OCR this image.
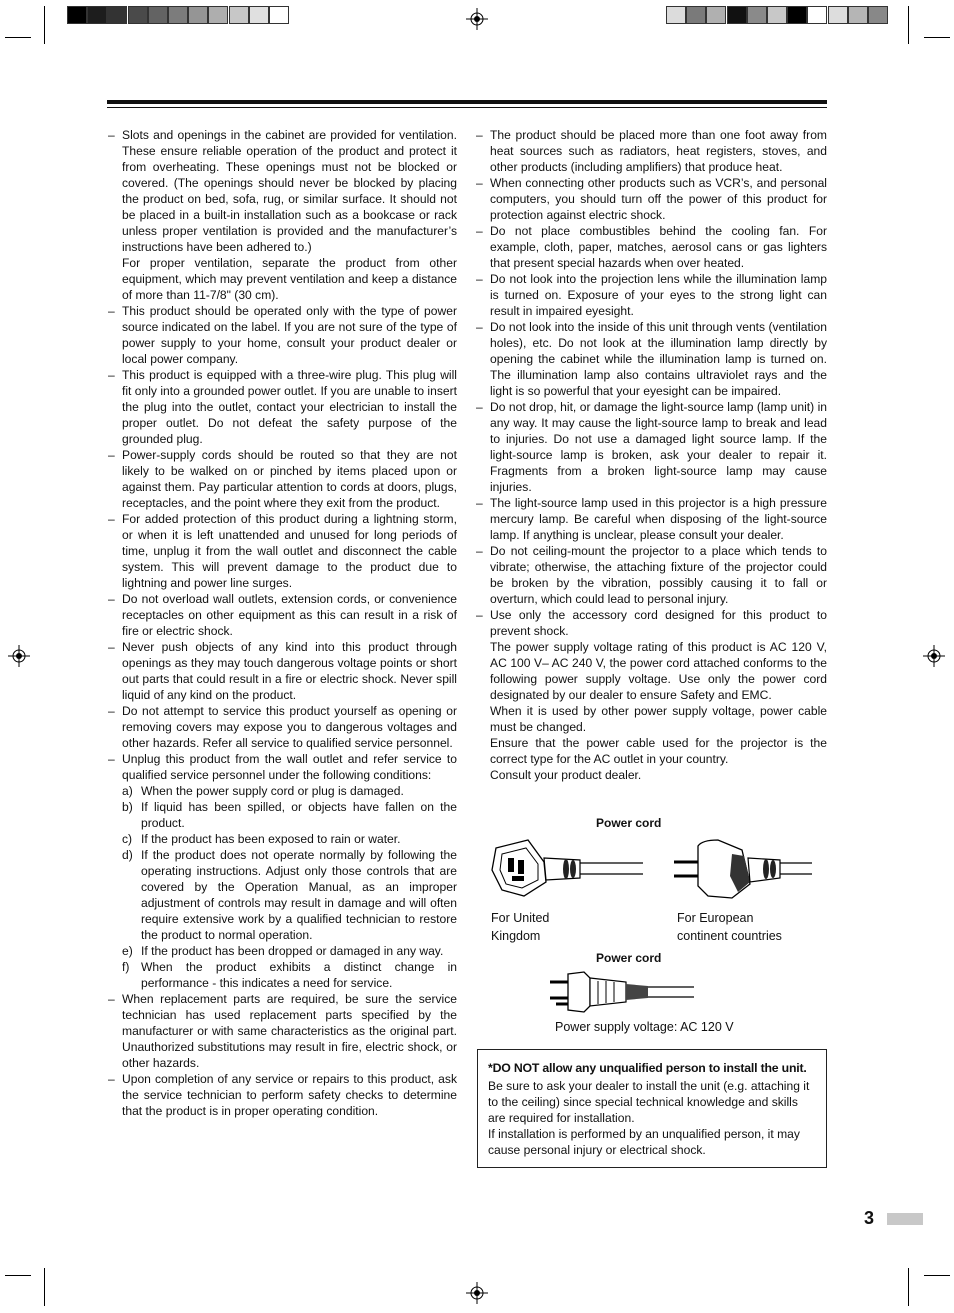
– Slots and openings in the cabinet are provided for ventilation. These ensure reliable operation of the product and protect it from overheating. These openings must not be blocked or covered. (The openings should never be blocked by placing the product on bed, sofa, rug, or similar surface. It should not be placed in a built-in installation such as a bookcase or rack unless proper ventilation is provided and the manufacturer’s instructions have been adhered to.)

For proper ventilation, separate the product from other equipment, which may prevent ventilation and keep a distance of more than 11-7/8" (30 cm).

– This product should be operated only with the type of power source indicated on the label. If you are not sure of the type of power supply to your home, consult your product dealer or local power company.
– This product is equipped with a three-wire plug. This plug will fit only into a grounded power outlet. If you are unable to insert the plug into the outlet, contact your electrician to install the proper outlet. Do not defeat the safety purpose of the grounded plug.
– Power-supply cords should be routed so that they are not likely to be walked on or pinched by items placed upon or against them. Pay particular attention to cords at doors, plugs, receptacles, and the point where they exit from the product.
– For added protection of this product during a lightning storm, or when it is left unattended and unused for long periods of time, unplug it from the wall outlet and disconnect the cable system. This will prevent damage to the product due to lightning and power line surges.
– Do not overload wall outlets, extension cords, or convenience receptacles on other equipment as this can result in a risk of fire or electric shock.
– Never push objects of any kind into this product through openings as they may touch dangerous voltage points or short out parts that could result in a fire or electric shock. Never spill liquid of any kind on the product.
– Do not attempt to service this product yourself as opening or removing covers may expose you to dangerous voltages and other hazards. Refer all service to qualified service personnel.
– Unplug this product from the wall outlet and refer service to qualified service personnel under the following conditions:
a) When the power supply cord or plug is damaged.
b) If liquid has been spilled, or objects have fallen on the product.
c) If the product has been exposed to rain or water.
d) If the product does not operate normally by following the operating instructions. Adjust only those controls that are covered by the Operation Manual, as an improper adjustment of controls may result in damage and will often require extensive work by a qualified technician to restore the product to normal operation.
e) If the product has been dropped or damaged in any way.
f) When the product exhibits a distinct change in performance - this indicates a need for service.
– When replacement parts are required, be sure the service technician has used replacement parts specified by the manufacturer or with same characteristics as the original part. Unauthorized substitutions may result in fire, electric shock, or other hazards.
– Upon completion of any service or repairs to this product, ask the service technician to perform safety checks to determine that the product is in proper operating condition.
– The product should be placed more than one foot away from heat sources such as radiators, heat registers, stoves, and other products (including amplifiers) that produce heat.
– When connecting other products such as VCR’s, and personal computers, you should turn off the power of this product for protection against electric shock.
– Do not place combustibles behind the cooling fan. For example, cloth, paper, matches, aerosol cans or gas lighters that present special hazards when over heated.
– Do not look into the projection lens while the illumination lamp is turned on. Exposure of your eyes to the strong light can result in impaired eyesight.
– Do not look into the inside of this unit through vents (ventilation holes), etc. Do not look at the illumination lamp directly by opening the cabinet while the illumination lamp is turned on. The illumination lamp also contains ultraviolet rays and the light is so powerful that your eyesight can be impaired.
– Do not drop, hit, or damage the light-source lamp (lamp unit) in any way. It may cause the light-source lamp to break and lead to injuries. Do not use a damaged light source lamp. If the light-source lamp is broken, ask your dealer to repair it. Fragments from a broken light-source lamp may cause injuries.
– The light-source lamp used in this projector is a high pressure mercury lamp. Be careful when disposing of the light-source lamp. If anything is unclear, please consult your dealer.
– Do not ceiling-mount the projector to a place which tends to vibrate; otherwise, the attaching fixture of the projector could be broken by the vibration, possibly causing it to fall or overturn, which could lead to personal injury.
– Use only the accessory cord designed for this product to prevent shock.

The power supply voltage rating of this product is AC 120 V, AC 100 V– AC 240 V, the power cord attached conforms to the following power supply voltage. Use only the power cord designated by our dealer to ensure Safety and EMC.

When it is used by other power supply voltage, power cable must be changed.

Ensure that the power cable used for the projector is the correct type for the AC outlet in your country.

Consult your product dealer.

Power cord
For United
Kingdom
For European
continent countries
Power cord
Power supply voltage: AC 120 V
*DO NOT allow any unqualified person to install the unit.

Be sure to ask your dealer to install the unit (e.g. attaching it to the ceiling) since special technical knowledge and skills are required for installation.

If installation is performed by an unqualified person, it may cause personal injury or electrical shock.

3
